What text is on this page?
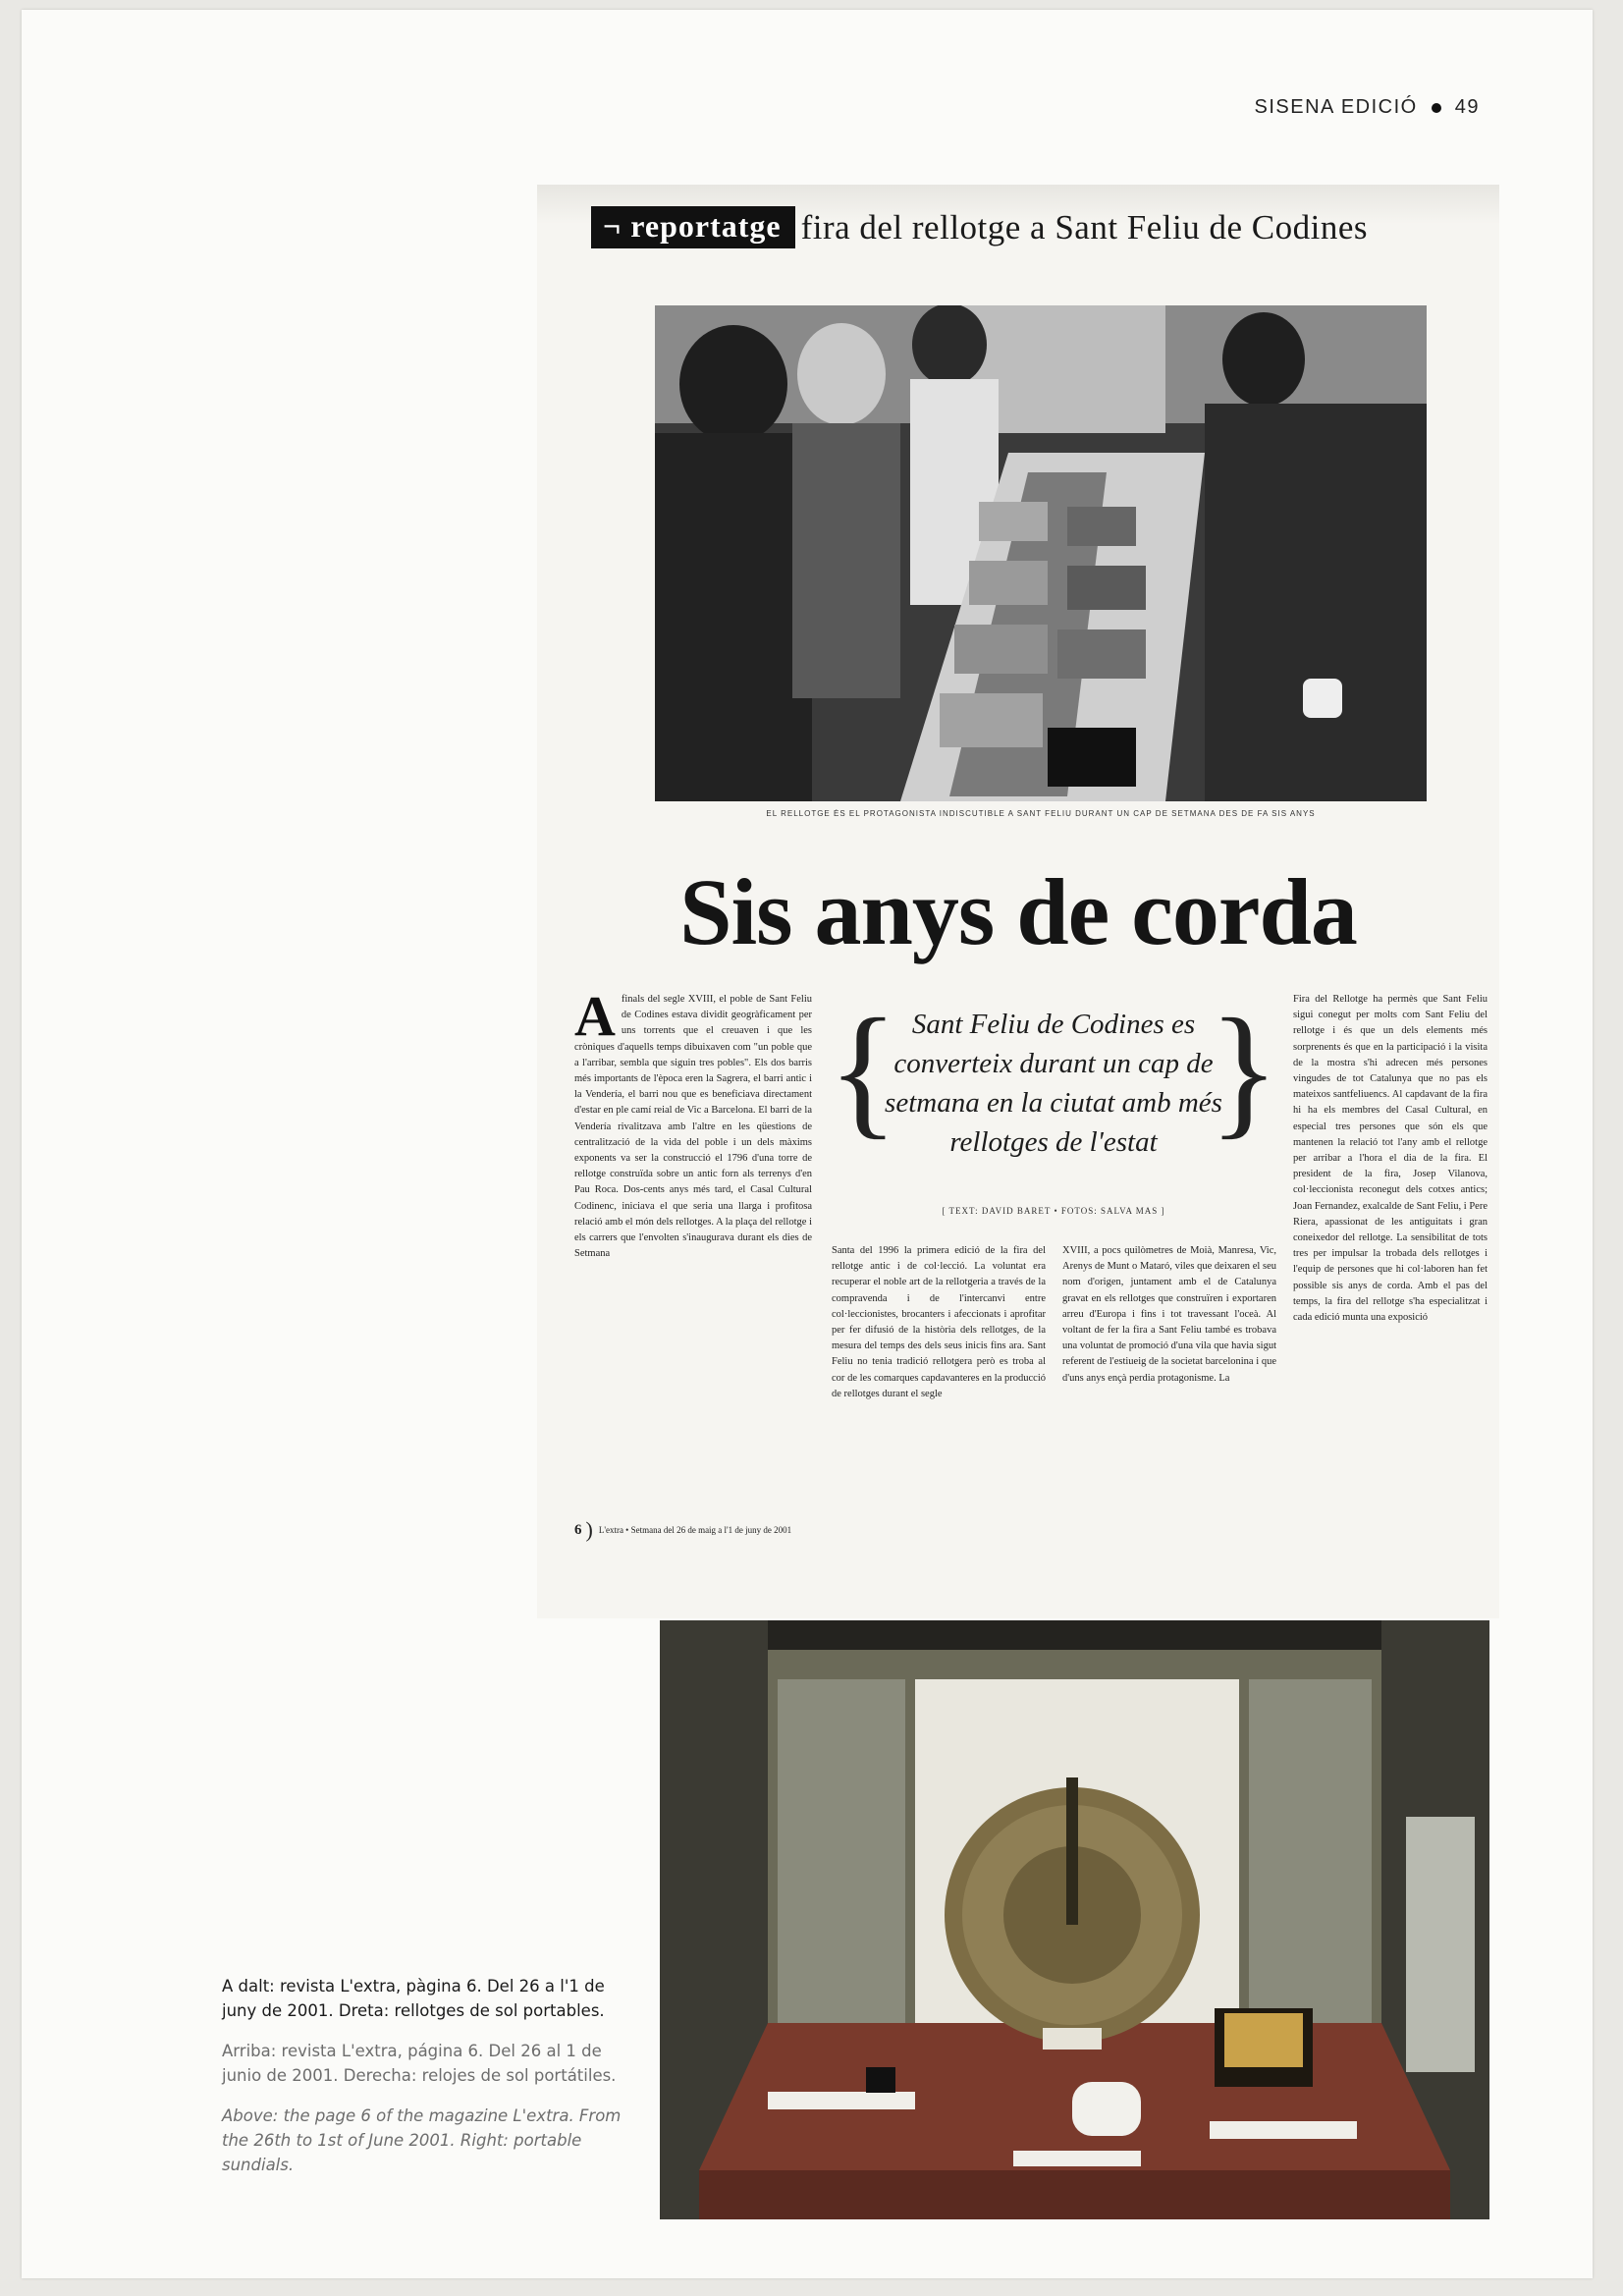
SISENA EDICIÓ 49
¬ reportatge fira del rellotge a Sant Feliu de Codines
EL RELLOTGE ÉS EL PROTAGONISTA INDISCUTIBLE A SANT FELIU DURANT UN CAP DE SETMANA DES DE FA SIS ANYS
Sis anys de corda
Afinals del segle XVIII, el poble de Sant Feliu de Codines estava dividit geogràficament per uns torrents que el creuaven i que les cròniques d'aquells temps dibuixaven com "un poble que a l'arribar, sembla que siguin tres pobles". Els dos barris més importants de l'època eren la Sagrera, el barri antic i la Vendería, el barri nou que es beneficiava directament d'estar en ple camí reial de Vic a Barcelona. El barri de la Vendería rivalitzava amb l'altre en les qüestions de centralització de la vida del poble i un dels màxims exponents va ser la construcció el 1796 d'una torre de rellotge construïda sobre un antic forn als terrenys d'en Pau Roca. Dos-cents anys més tard, el Casal Cultural Codinenc, iniciava el que seria una llarga i profitosa relació amb el món dels rellotges. A la plaça del rellotge i els carrers que l'envolten s'inaugurava durant els dies de Setmana
{ Sant Feliu de Codines es converteix durant un cap de setmana en la ciutat amb més rellotges de l'estat }
[ TEXT: DAVID BARET • FOTOS: SALVA MAS ]
Santa del 1996 la primera edició de la fira del rellotge antic i de col·lecció. La voluntat era recuperar el noble art de la rellotgeria a través de la compravenda i de l'intercanvi entre col·leccionistes, brocanters i afeccionats i aprofitar per fer difusió de la història dels rellotges, de la mesura del temps des dels seus inicis fins ara. Sant Feliu no tenia tradició rellotgera però es troba al cor de les comarques capdavanteres en la producció de rellotges durant el segle
XVIII, a pocs quilòmetres de Moià, Manresa, Vic, Arenys de Munt o Mataró, viles que deixaren el seu nom d'origen, juntament amb el de Catalunya gravat en els rellotges que construïren i exportaren arreu d'Europa i fins i tot travessant l'oceà. Al voltant de fer la fira a Sant Feliu també es trobava una voluntat de promoció d'una vila que havia sigut referent de l'estiueig de la societat barcelonina i que d'uns anys ençà perdia protagonisme. La
Fira del Rellotge ha permès que Sant Feliu sigui conegut per molts com Sant Feliu del rellotge i és que un dels elements més sorprenents és que en la participació i la visita de la mostra s'hi adrecen més persones vingudes de tot Catalunya que no pas els mateixos santfeliuencs. Al capdavant de la fira hi ha els membres del Casal Cultural, en especial tres persones que són els que mantenen la relació tot l'any amb el rellotge per arribar a l'hora el dia de la fira. El president de la fira, Josep Vilanova, col·leccionista reconegut dels cotxes antics; Joan Fernandez, exalcalde de Sant Feliu, i Pere Riera, apassionat de les antiguitats i gran coneixedor del rellotge. La sensibilitat de tots tres per impulsar la trobada dels rellotges i l'equip de persones que hi col·laboren han fet possible sis anys de corda. Amb el pas del temps, la fira del rellotge s'ha especialitzat i cada edició munta una exposició
6 ) L'extra • Setmana del 26 de maig a l'1 de juny de 2001
A dalt: revista L'extra, pàgina 6. Del 26 a l'1 de juny de 2001. Dreta: rellotges de sol portables.
Arriba: revista L'extra, página 6. Del 26 al 1 de junio de 2001. Derecha: relojes de sol portátiles.
Above: the page 6 of the magazine L'extra. From the 26th to 1st of June 2001. Right: portable sundials.
